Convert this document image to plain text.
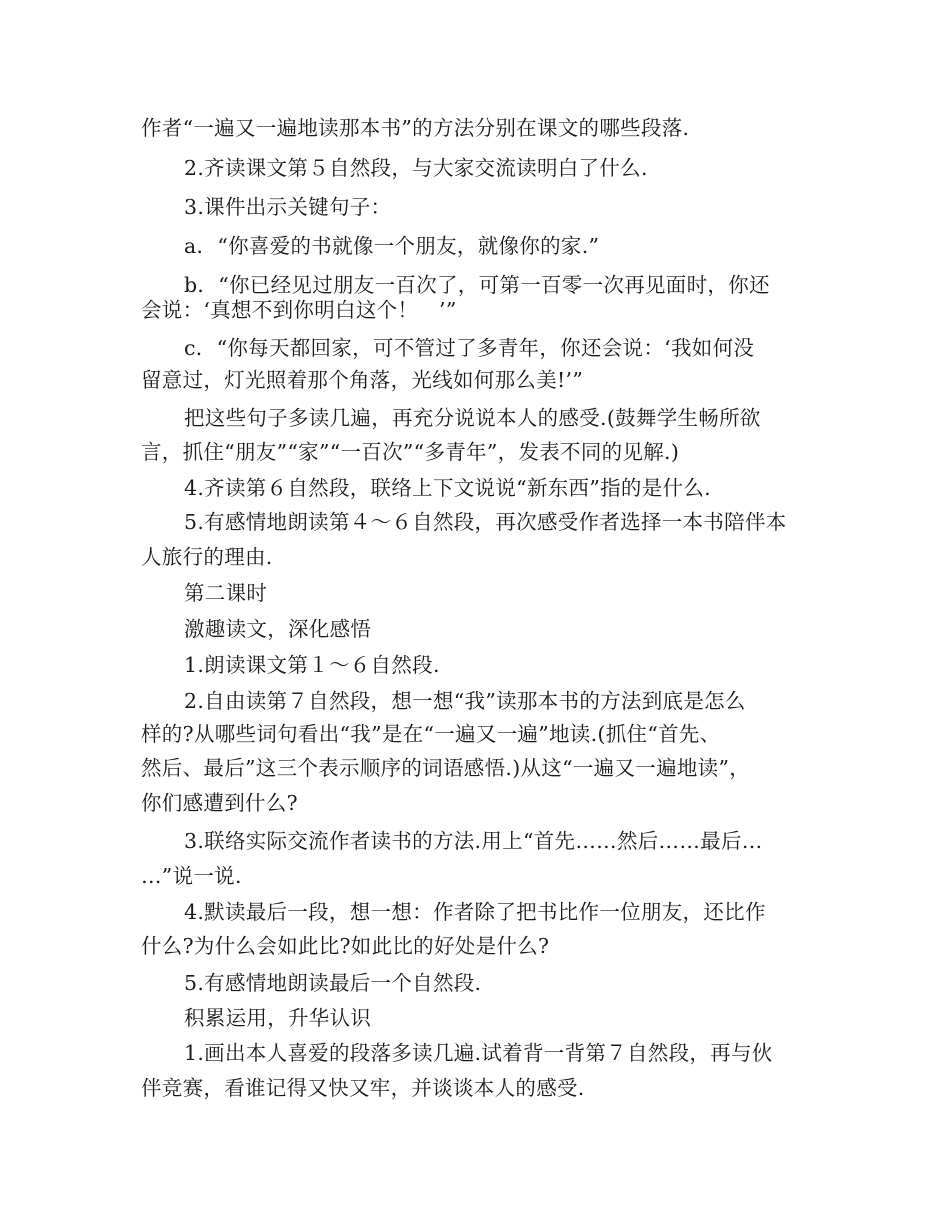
作者“一遍又一遍地读那本书”的方法分别在课文的哪些段落.
2.齐读课文第５自然段，与大家交流读明白了什么.
3.课件出示关键句子：
a．“你喜爱的书就像一个朋友，就像你的家.”
b．“你已经见过朋友一百次了，可第一百零一次再见面时，你还
会说：‘真想不到你明白这个！　’”
c．“你每天都回家，可不管过了多青年，你还会说：‘我如何没
留意过，灯光照着那个角落，光线如何那么美!’”
把这些句子多读几遍，再充分说说本人的感受.(鼓舞学生畅所欲
言，抓住“朋友”“家”“一百次”“多青年”，发表不同的见解.)
4.齐读第６自然段，联络上下文说说“新东西”指的是什么.
5.有感情地朗读第４～６自然段，再次感受作者选择一本书陪伴本
人旅行的理由.
第二课时
激趣读文，深化感悟
1.朗读课文第１～６自然段.
2.自由读第７自然段，想一想“我”读那本书的方法到底是怎么
样的?从哪些词句看出“我”是在“一遍又一遍”地读.(抓住“首先、
然后、最后”这三个表示顺序的词语感悟.)从这“一遍又一遍地读”，
你们感遭到什么?
3.联络实际交流作者读书的方法.用上“首先……然后……最后…
…”说一说.
4.默读最后一段，想一想：作者除了把书比作一位朋友，还比作
什么?为什么会如此比?如此比的好处是什么?
5.有感情地朗读最后一个自然段.
积累运用，升华认识
1.画出本人喜爱的段落多读几遍.试着背一背第７自然段，再与伙
伴竞赛，看谁记得又快又牢，并谈谈本人的感受.
